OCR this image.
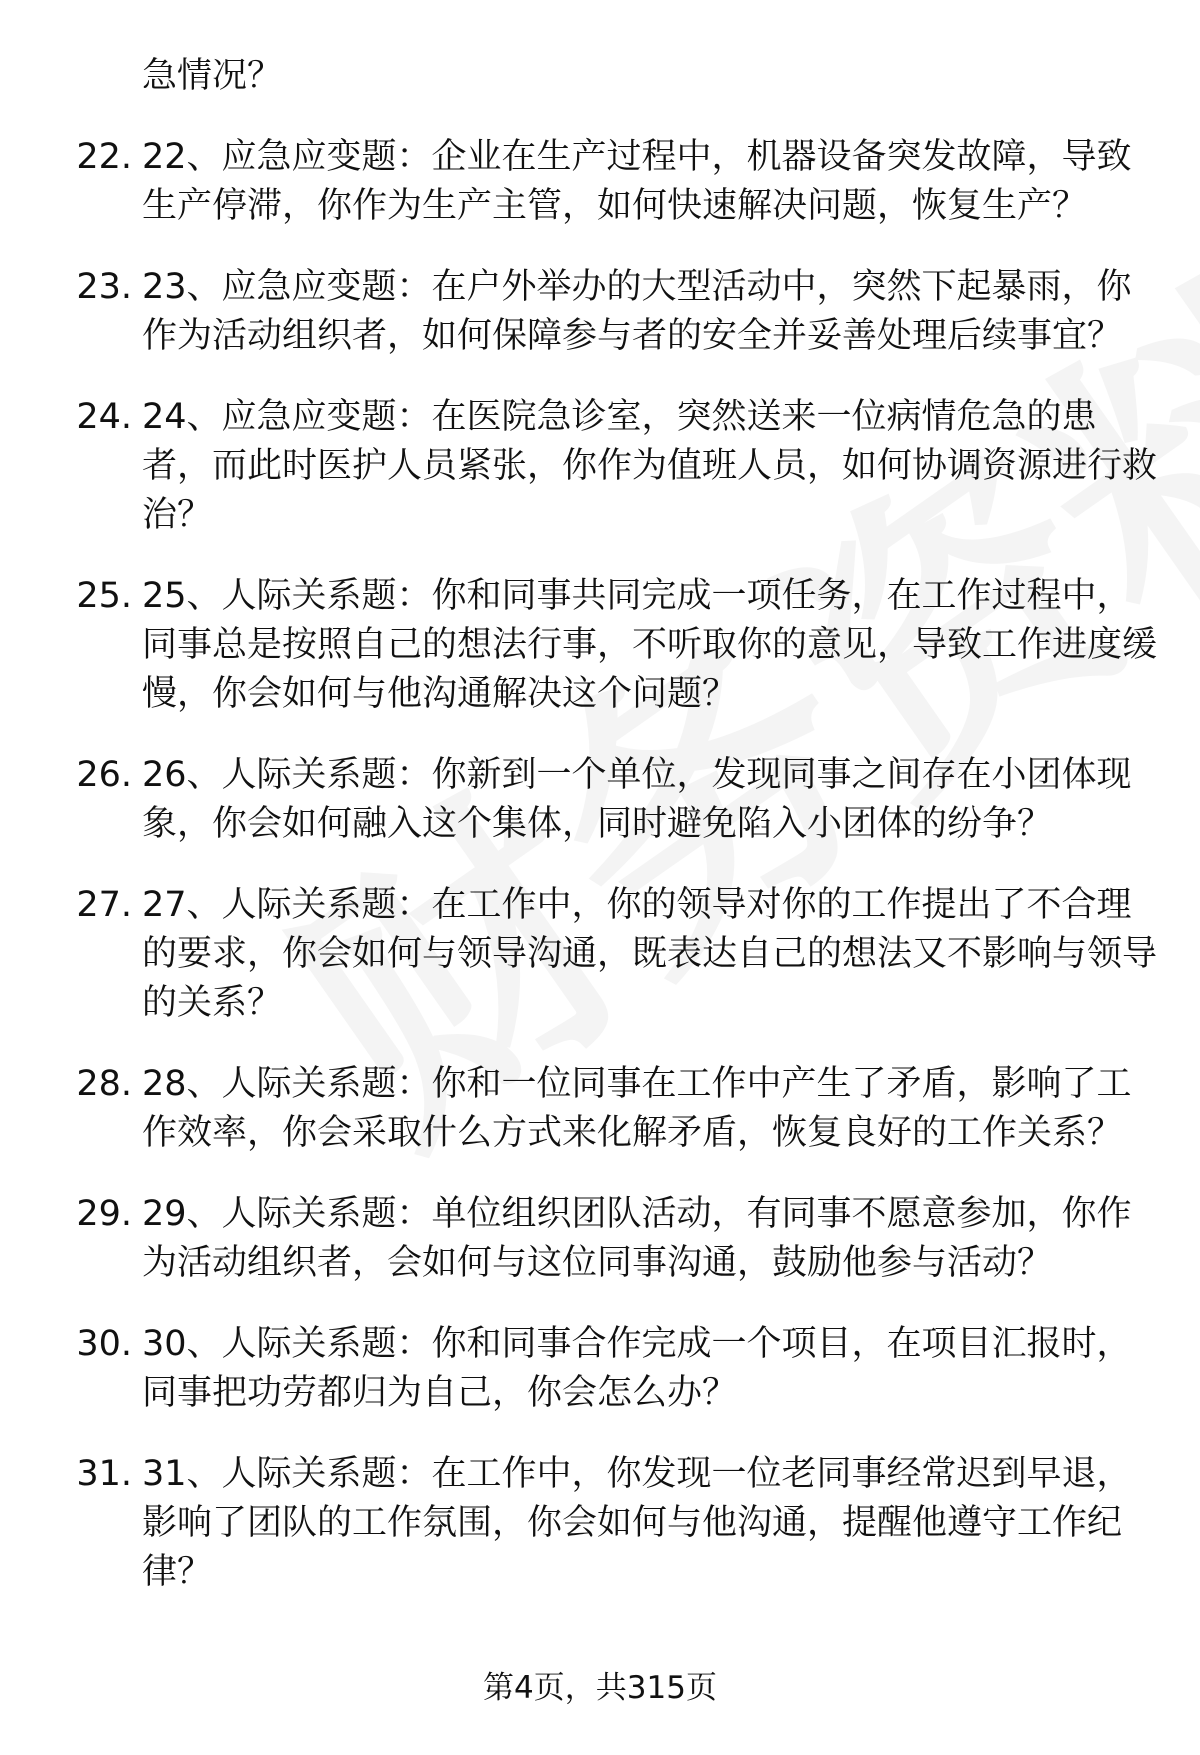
急情况？
22. 22、应急应变题：企业在生产过程中，机器设备突发故障，导致生产停滞，你作为生产主管，如何快速解决问题，恢复生产？
23. 23、应急应变题：在户外举办的大型活动中，突然下起暴雨，你作为活动组织者，如何保障参与者的安全并妥善处理后续事宜？
24. 24、应急应变题：在医院急诊室，突然送来一位病情危急的患者，而此时医护人员紧张，你作为值班人员，如何协调资源进行救治？
25. 25、人际关系题：你和同事共同完成一项任务，在工作过程中，同事总是按照自己的想法行事，不听取你的意见，导致工作进度缓慢，你会如何与他沟通解决这个问题？
26. 26、人际关系题：你新到一个单位，发现同事之间存在小团体现象，你会如何融入这个集体，同时避免陷入小团体的纷争？
27. 27、人际关系题：在工作中，你的领导对你的工作提出了不合理的要求，你会如何与领导沟通，既表达自己的想法又不影响与领导的关系？
28. 28、人际关系题：你和一位同事在工作中产生了矛盾，影响了工作效率，你会采取什么方式来化解矛盾，恢复良好的工作关系？
29. 29、人际关系题：单位组织团队活动，有同事不愿意参加，你作为活动组织者，会如何与这位同事沟通，鼓励他参与活动？
30. 30、人际关系题：你和同事合作完成一个项目，在项目汇报时，同事把功劳都归为自己，你会怎么办？
31. 31、人际关系题：在工作中，你发现一位老同事经常迟到早退，影响了团队的工作氛围，你会如何与他沟通，提醒他遵守工作纪律？
第4页，共315页
